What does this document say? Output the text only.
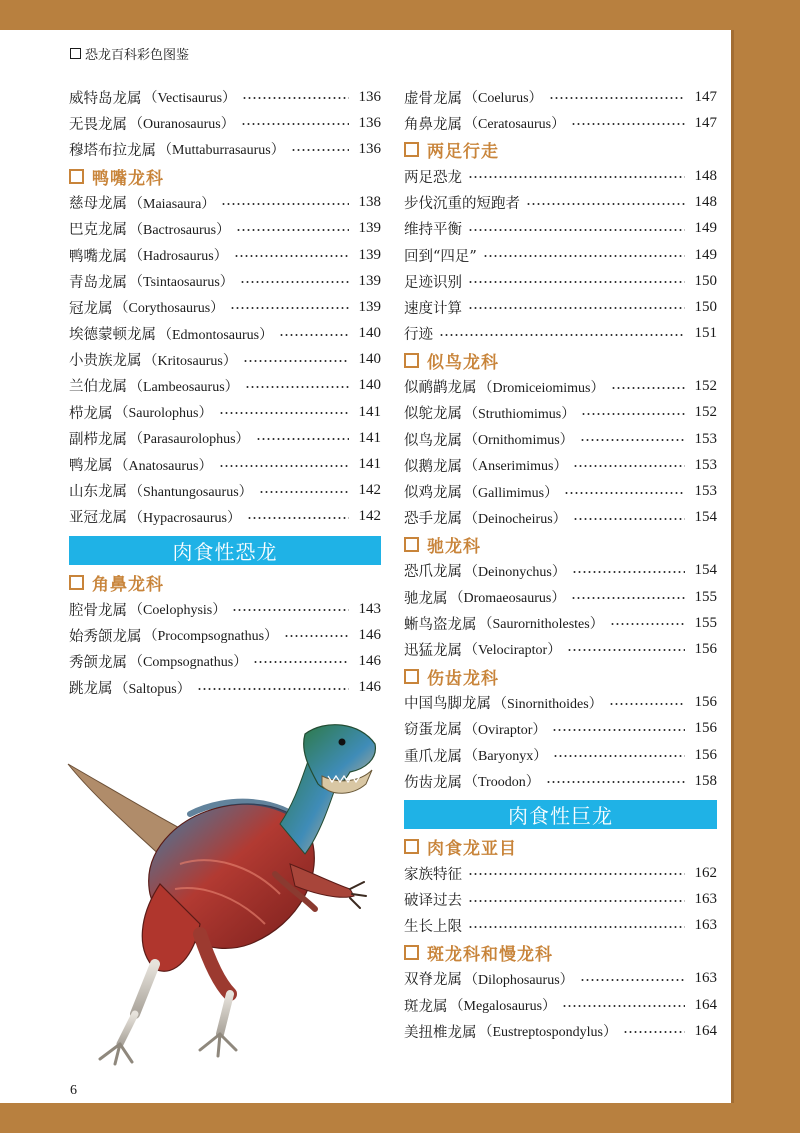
恐龙百科彩色图鉴
威特岛龙属 （Vectisaurus）	136
无畏龙属 （Ouranosaurus）	136
穆塔布拉龙属 （Muttaburrasaurus）	136
鸭嘴龙科
慈母龙属 （Maiasaura）	138
巴克龙属 （Bactrosaurus）	139
鸭嘴龙属 （Hadrosaurus）	139
青岛龙属 （Tsintaosaurus）	139
冠龙属 （Corythosaurus）	139
埃德蒙顿龙属 （Edmontosaurus）	140
小贵族龙属 （Kritosaurus）	140
兰伯龙属 （Lambeosaurus）	140
栉龙属 （Saurolophus）	141
副栉龙属 （Parasaurolophus）	141
鸭龙属 （Anatosaurus）	141
山东龙属 （Shantungosaurus）	142
亚冠龙属 （Hypacrosaurus）	142
肉食性恐龙
角鼻龙科
腔骨龙属 （Coelophysis）	143
始秀颌龙属 （Procompsognathus）	146
秀颌龙属 （Compsognathus）	146
跳龙属 （Saltopus）	146
虚骨龙属 （Coelurus）	147
角鼻龙属 （Ceratosaurus）	147
两足行走
两足恐龙	148
步伐沉重的短跑者	148
维持平衡	149
回到“四足”	149
足迹识别	150
速度计算	150
行迹	151
似鸟龙科
似鸸鹋龙属 （Dromiceiomimus）	152
似鸵龙属 （Struthiomimus）	152
似鸟龙属 （Ornithomimus）	153
似鹅龙属 （Anserimimus）	153
似鸡龙属 （Gallimimus）	153
恐手龙属 （Deinocheirus）	154
驰龙科
恐爪龙属 （Deinonychus）	154
驰龙属 （Dromaeosaurus）	155
蜥鸟盗龙属 （Saurornitholestes）	155
迅猛龙属 （Velociraptor）	156
伤齿龙科
中国鸟脚龙属 （Sinornithoides）	156
窃蛋龙属 （Oviraptor）	156
重爪龙属 （Baryonyx）	156
伤齿龙属 （Troodon）	158
肉食性巨龙
肉食龙亚目
家族特征	162
破译过去	163
生长上限	163
斑龙科和慢龙科
双脊龙属 （Dilophosaurus）	163
斑龙属 （Megalosaurus）	164
美扭椎龙属 （Eustreptospondylus）	164
6
